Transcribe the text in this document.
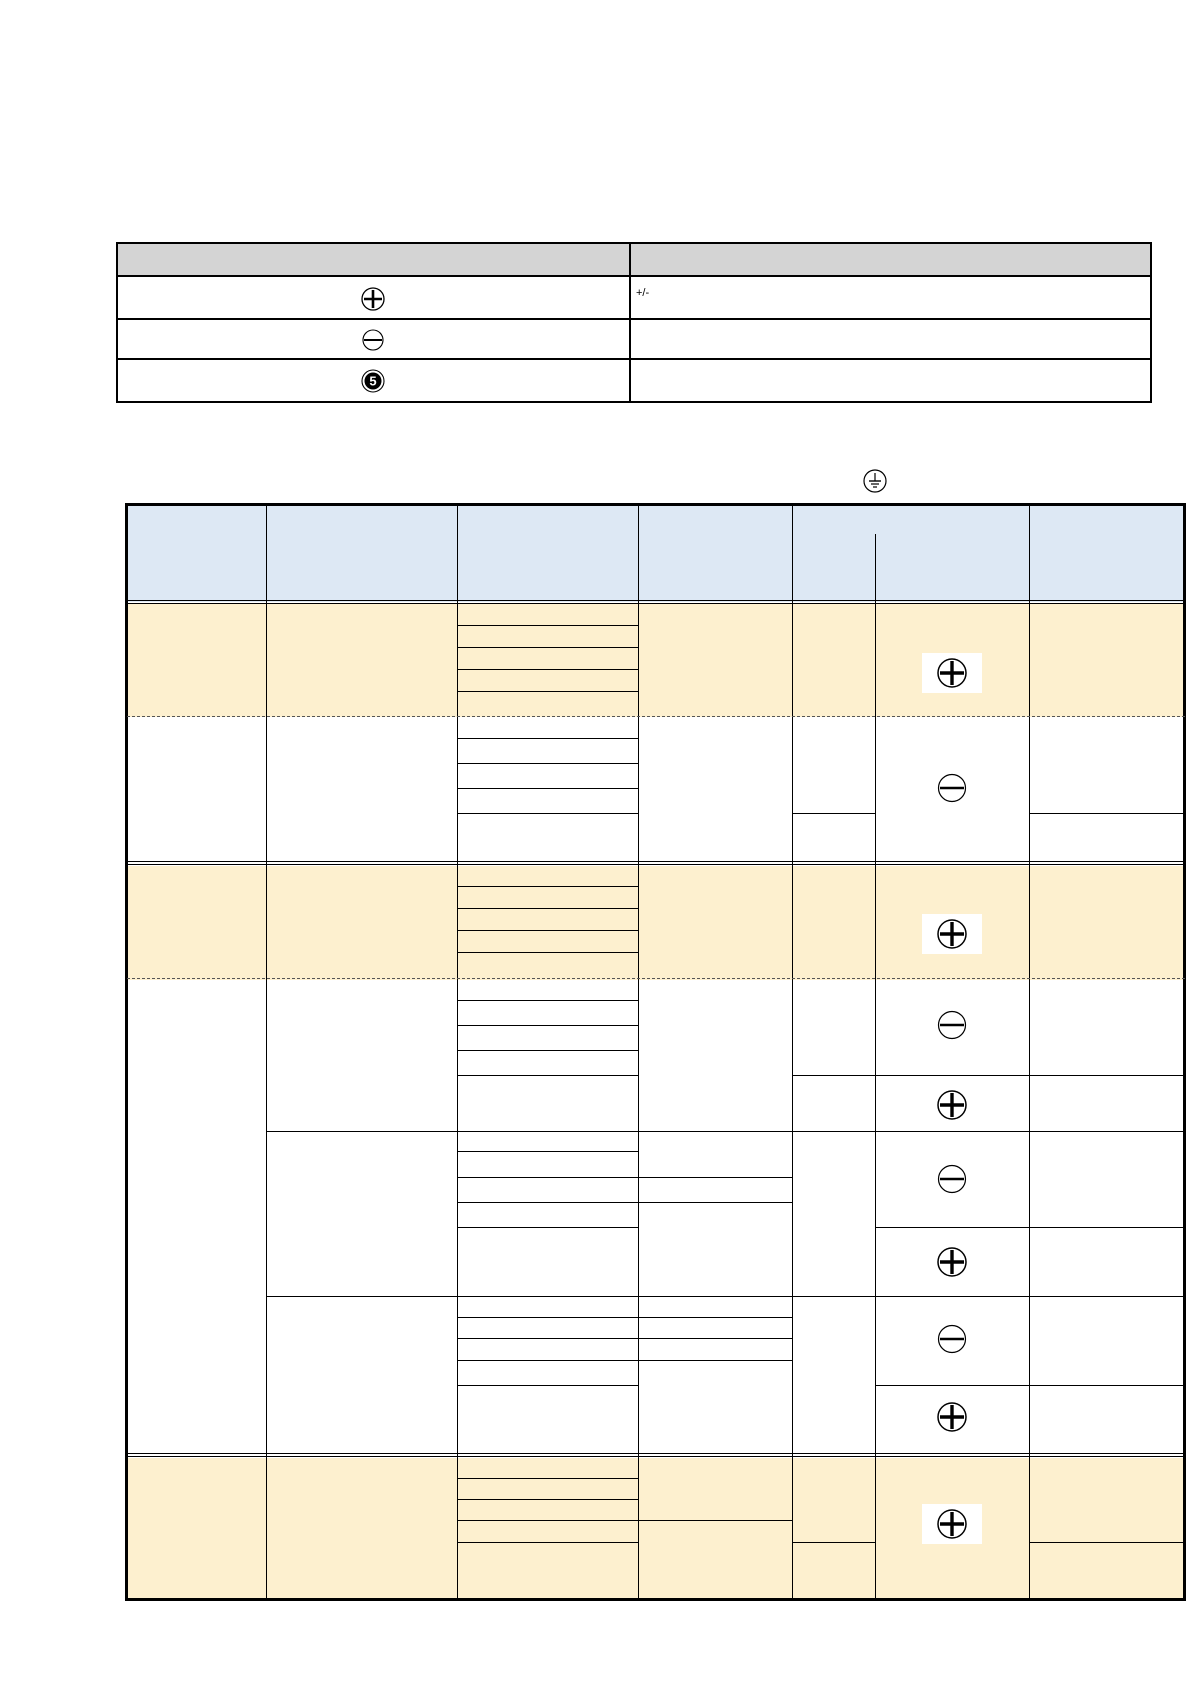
+/-
5
